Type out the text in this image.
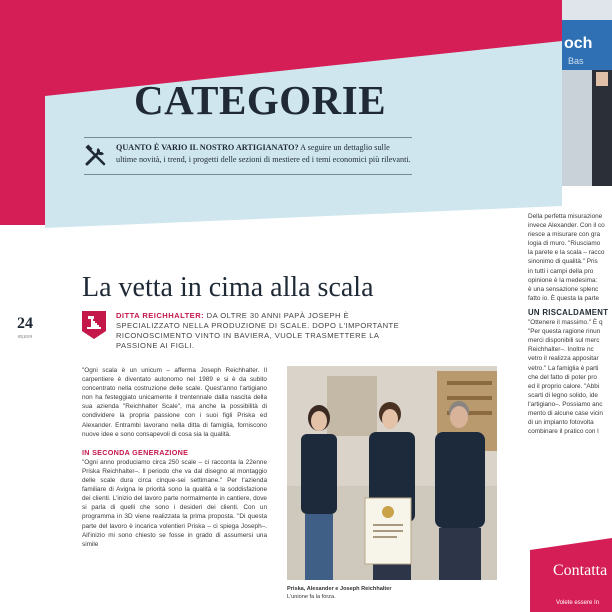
och
Bas
CATEGORIE
QUANTO È VARIO IL NOSTRO ARTIGIANATO? A seguire un dettaglio sulle ultime novità, i trend, i progetti delle sezioni di mestiere ed i temi economici più rilevanti.
La vetta in cima alla scala
24
05|2019
DITTA REICHHALTER: DA OLTRE 30 ANNI PAPÀ JOSEPH È SPECIALIZZATO NELLA PRODUZIONE DI SCALE. DOPO L'IMPORTANTE RICONOSCIMENTO VINTO IN BAVIERA, VUOLE TRASMETTERE LA PASSIONE AI FIGLI.

"Ogni scala è un unicum – afferma Joseph Reichhalter. Il carpentiere è diventato autonomo nel 1989 e si è da subito concentrato nella costruzione delle scale. Quest'anno l'artigiano non ha festeggiato unicamente il trentennale dalla nascita della sua azienda "Reichhalter Scale", ma anche la possibilità di condividere la propria passione con i suoi figli Priska ed Alexander. Entrambi lavorano nella ditta di famiglia, forniscono nuove idee e sono consapevoli di cosa sia la qualità.

IN SECONDA GENERAZIONE

"Ogni anno produciamo circa 250 scale – ci racconta la 22enne Priska Reichhalter–. Il periodo che va dal disegno al montaggio delle scale dura circa cinque-sei settimane." Per l'azienda familiare di Avigna le priorità sono la qualità e la soddisfazione dei clienti. L'inizio del lavoro parte normalmente in cantiere, dove si parla di quelli che sono i desideri dei clienti. Con un programma in 3D viene realizzata la prima proposta. "Di questa parte del lavoro è incarica volentieri Priska – ci spiega Joseph–. All'inizio mi sono chiesto se fosse in grado di assumersi una simile

Priska, Alexander e Joseph Reichhalter
L'unione fa la forza.
Della perfetta misurazione
invece Alexander. Con il co
riesce a misurare con gra
logia di muro. "Riusciamo
la parete e la scala – racco
sinonimo di qualità." Pris
in tutti i campi della pro
opinione è la medesima:
è una sensazione splenc
fatto io. È questa la parte
UN RISCALDAMENT
"Ottenere il massimo." È q
"Per questa ragione rinun
merci disponibili sul merc
Reichhalter–. Inoltre nc
vetro il realizza appositar
vetro." La famiglia è parti
che del fatto di poter pro
ed il proprio calore. "Abbi
scarti di legno solido, ide
l'artigiano–. Possiamo anc
mento di alcune case vicin
di un impianto fotovolta
combinare il pratico con l
Contatta
Volete essere In
